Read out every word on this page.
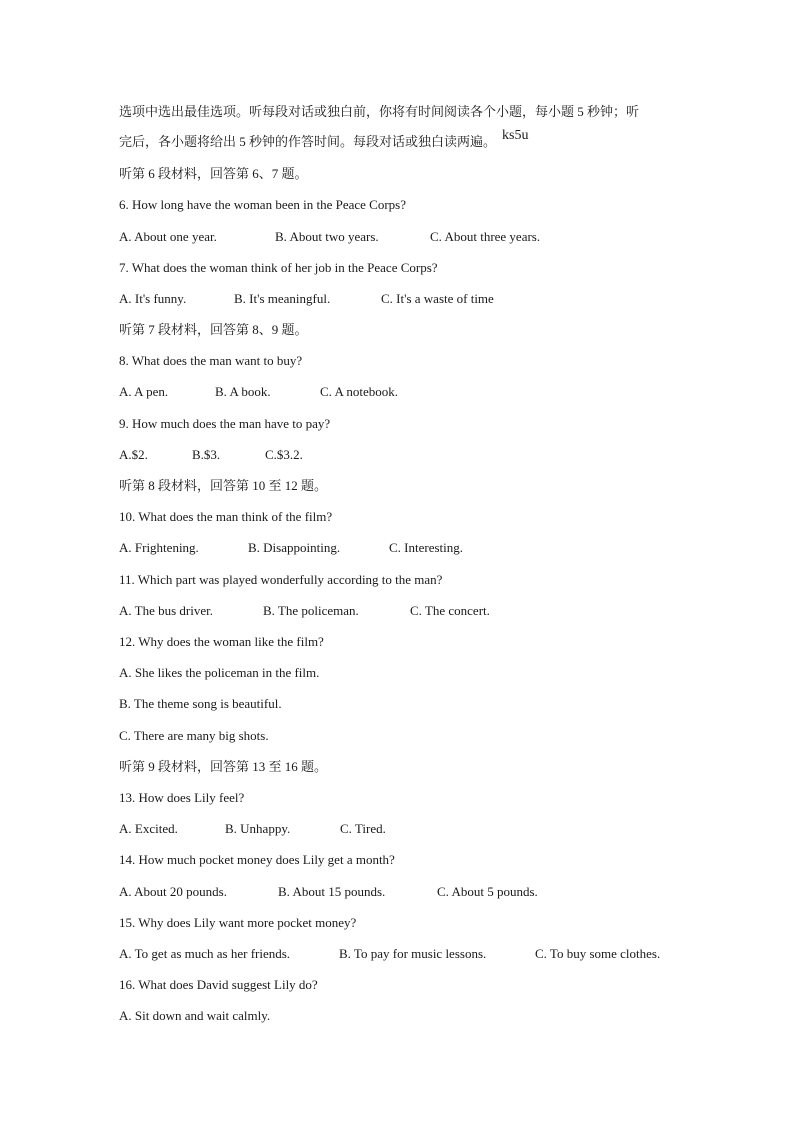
选项中选出最佳选项。听每段对话或独白前，你将有时间阅读各个小题，每小题 5 秒钟；听
完后，各小题将给出 5 秒钟的作答时间。每段对话或独白读两遍。 ks5u
听第 6 段材料，回答第 6、7 题。
6. How long have the woman been in the Peace Corps?
A. About one year.	B. About two years.	C. About three years.
7. What does the woman think of her job in the Peace Corps?
A. It's funny.	B. It's meaningful.	C. It's a waste of time
听第 7 段材料，回答第 8、9 题。
8. What does the man want to buy?
A. A pen.	B. A book.	C. A notebook.
9. How much does the man have to pay?
A.$2.	B.$3.	C.$3.2.
听第 8 段材料，回答第 10 至 12 题。
10. What does the man think of the film?
A. Frightening.	B. Disappointing.	C. Interesting.
11. Which part was played wonderfully according to the man?
A. The bus driver.	B. The policeman.	C. The concert.
12. Why does the woman like the film?
A. She likes the policeman in the film.
B. The theme song is beautiful.
C. There are many big shots.
听第 9 段材料，回答第 13 至 16 题。
13. How does Lily feel?
A. Excited.	B. Unhappy.	C. Tired.
14. How much pocket money does Lily get a month?
A. About 20 pounds.	B. About 15 pounds.	C. About 5 pounds.
15. Why does Lily want more pocket money?
A. To get as much as her friends.	B. To pay for music lessons.	C. To buy some clothes.
16. What does David suggest Lily do?
A. Sit down and wait calmly.
